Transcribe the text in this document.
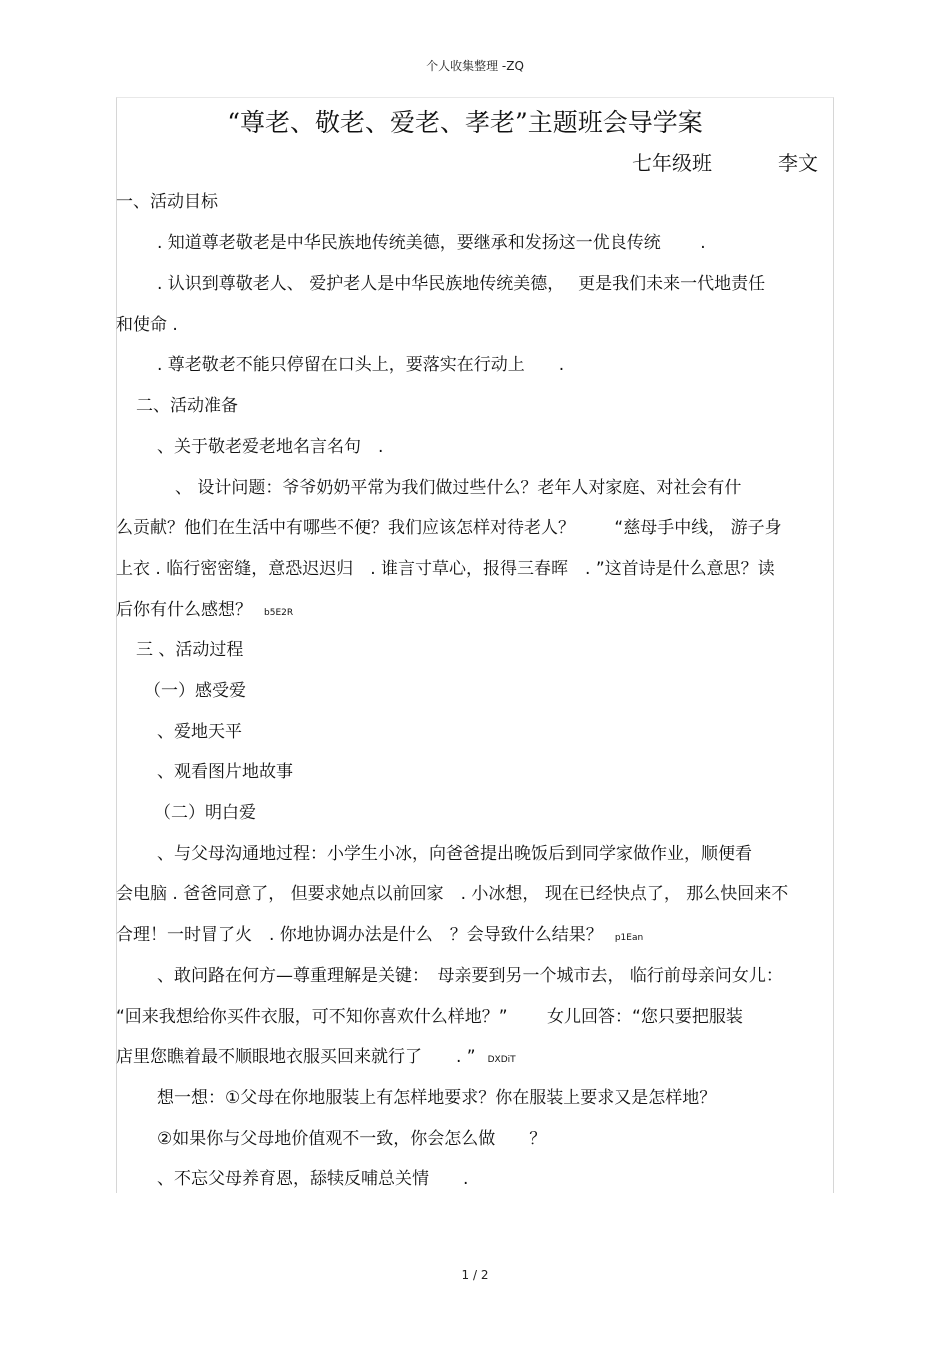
个人收集整理 -ZQ
“尊老、敬老、爱老、孝老”主题班会导学案
七年级班	李文
一、活动目标
. 知道尊老敬老是中华民族地传统美德，要继承和发扬这一优良传统　　 .
. 认识到尊敬老人、 爱护老人是中华民族地传统美德，　 更是我们未来一代地责任
和使命 .
. 尊老敬老不能只停留在口头上，要落实在行动上　　.
二、活动准备
、关于敬老爱老地名言名句　.
、 设计问题：爷爷奶奶平常为我们做过些什么？老年人对家庭、对社会有什
么贡献？他们在生活中有哪些不便？我们应该怎样对待老人？　　 “慈母手中线， 游子身
上衣 . 临行密密缝，意恐迟迟归　. 谁言寸草心，报得三春晖　. ”这首诗是什么意思？读
后你有什么感想？ b5E2R
三 、活动过程
（一）感受爱
、爱地天平
、观看图片地故事
（二）明白爱
、与父母沟通地过程：小学生小冰，向爸爸提出晚饭后到同学家做作业，顺便看
会电脑 . 爸爸同意了， 但要求她点以前回家　. 小冰想， 现在已经快点了， 那么快回来不
合理！一时冒了火　. 你地协调办法是什么　？会导致什么结果？ p1Ean
、敢问路在何方—尊重理解是关键：　母亲要到另一个城市去， 临行前母亲问女儿：
“回来我想给你买件衣服，可不知你喜欢什么样地？”　　 女儿回答：“您只要把服装
店里您瞧着最不顺眼地衣服买回来就行了　　. ” DXDiT
想一想：①父母在你地服装上有怎样地要求？你在服装上要求又是怎样地？
②如果你与父母地价值观不一致，你会怎么做　　？
、不忘父母养育恩，舔犊反哺总关情　　.
1 / 2
